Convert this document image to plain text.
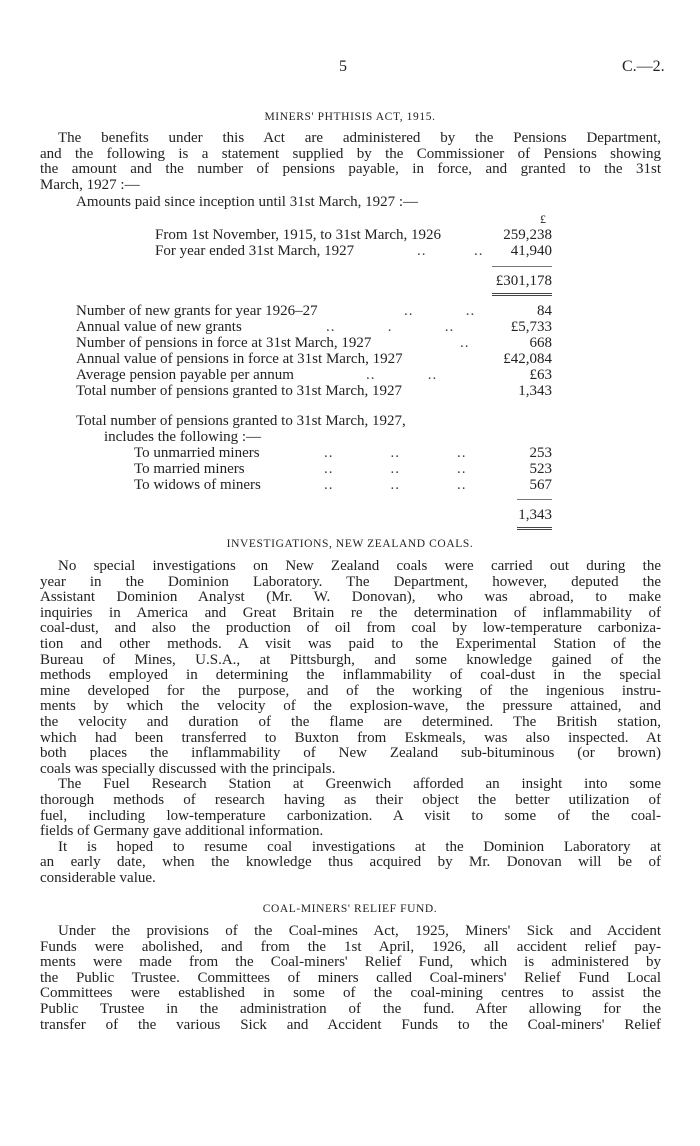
5	C.—2.
MINERS' PHTHISIS ACT, 1915.
The benefits under this Act are administered by the Pensions Department,
and the following is a statement supplied by the Commissioner of Pensions showing
the amount and the number of pensions payable, in force, and granted to the 31st
March, 1927 :—
Amounts paid since inception until 31st March, 1927 :—
£
From 1st November, 1915, to 31st March, 1926	259,238
For year ended 31st March, 1927	..          .. 41,940
£301,178
Number of new grants for year 1926–27	..           ..	84
Annual value of new grants	..           .           ..	£5,733
Number of pensions in force at 31st March, 1927	..	668
Annual value of pensions in force at 31st March, 1927	£42,084
Average pension payable per annum	..           ..	£63
Total number of pensions granted to 31st March, 1927	1,343
Total number of pensions granted to 31st March, 1927,
includes the following :—
To unmarried miners	..            ..            ..	253
To married miners	..            ..            ..	523
To widows of miners	..            ..            ..	567
1,343
INVESTIGATIONS, NEW ZEALAND COALS.
No special investigations on New Zealand coals were carried out during the
year in the Dominion Laboratory. The Department, however, deputed the
Assistant Dominion Analyst (Mr. W. Donovan), who was abroad, to make
inquiries in America and Great Britain re the determination of inflammability of
coal-dust, and also the production of oil from coal by low-temperature carboniza-
tion and other methods. A visit was paid to the Experimental Station of the
Bureau of Mines, U.S.A., at Pittsburgh, and some knowledge gained of the
methods employed in determining the inflammability of coal-dust in the special
mine developed for the purpose, and of the working of the ingenious instru-
ments by which the velocity of the explosion-wave, the pressure attained, and
the velocity and duration of the flame are determined. The British station,
which had been transferred to Buxton from Eskmeals, was also inspected. At
both places the inflammability of New Zealand sub-bituminous (or brown)
coals was specially discussed with the principals.
The Fuel Research Station at Greenwich afforded an insight into some
thorough methods of research having as their object the better utilization of
fuel, including low-temperature carbonization. A visit to some of the coal-
fields of Germany gave additional information.
It is hoped to resume coal investigations at the Dominion Laboratory at
an early date, when the knowledge thus acquired by Mr. Donovan will be of
considerable value.
COAL-MINERS' RELIEF FUND.
Under the provisions of the Coal-mines Act, 1925, Miners' Sick and Accident
Funds were abolished, and from the 1st April, 1926, all accident relief pay-
ments were made from the Coal-miners' Relief Fund, which is administered by
the Public Trustee. Committees of miners called Coal-miners' Relief Fund Local
Committees were established in some of the coal-mining centres to assist the
Public Trustee in the administration of the fund. After allowing for the
transfer of the various Sick and Accident Funds to the Coal-miners' Relief
